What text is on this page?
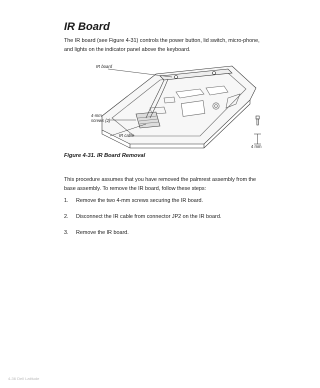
IR Board

The IR board (see Figure 4-31) controls the power button, lid switch, micro-phone, and lights on the indicator panel above the keyboard.

IR board
4-mm
screws (2)
IR cable
4 mm

Figure 4-31. IR Board Removal

This procedure assumes that you have removed the palmrest assembly from the base assembly. To remove the IR board, follow these steps:

1.	Remove the two 4-mm screws securing the IR board.
2.	Disconnect the IR cable from connector JP2 on the IR board.
3.	Remove the IR board.
4-36 Dell Latitude
